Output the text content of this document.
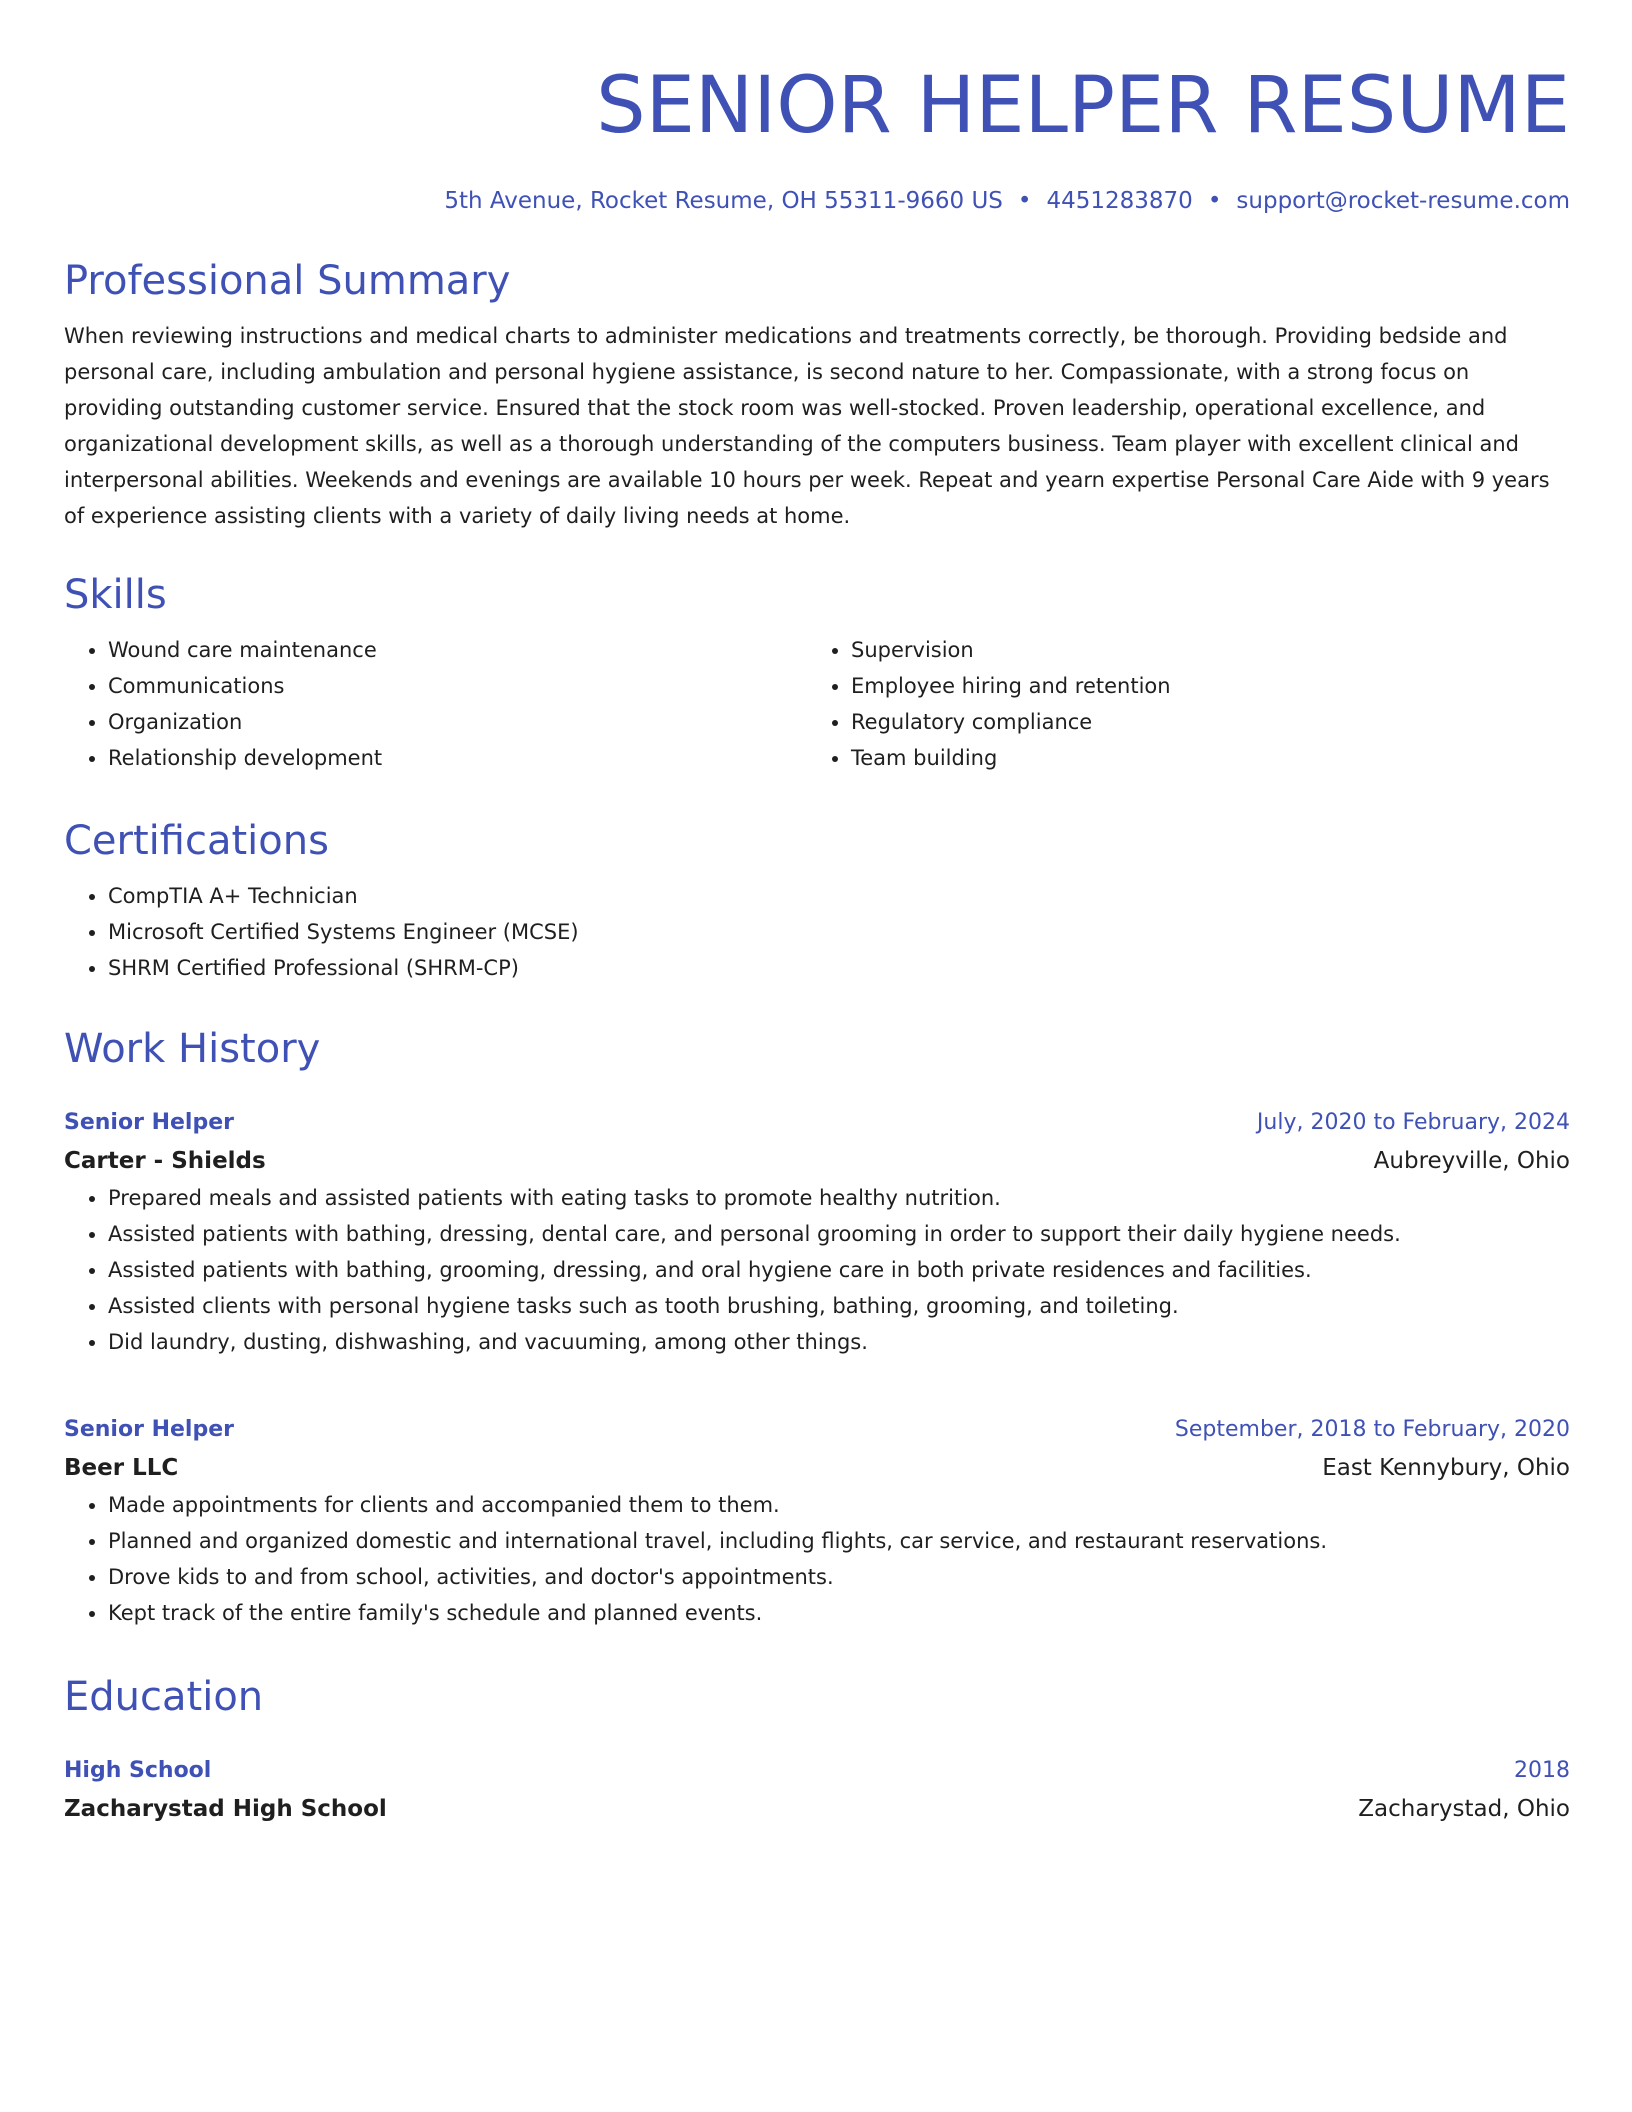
SENIOR HELPER RESUME
5th Avenue, Rocket Resume, OH 55311-9660 US • 4451283870 • support@rocket-resume.com
Professional Summary

When reviewing instructions and medical charts to administer medications and treatments correctly, be thorough. Providing bedside and personal care, including ambulation and personal hygiene assistance, is second nature to her. Compassionate, with a strong focus on providing outstanding customer service. Ensured that the stock room was well-stocked. Proven leadership, operational excellence, and organizational development skills, as well as a thorough understanding of the computers business. Team player with excellent clinical and interpersonal abilities. Weekends and evenings are available 10 hours per week. Repeat and yearn expertise Personal Care Aide with 9 years of experience assisting clients with a variety of daily living needs at home.

Skills
• Wound care maintenance
• Communications
• Organization
• Relationship development
• Supervision
• Employee hiring and retention
• Regulatory compliance
• Team building
Certifications
• CompTIA A+ Technician
• Microsoft Certified Systems Engineer (MCSE)
• SHRM Certified Professional (SHRM-CP)
Work History
Senior Helper	July, 2020 to February, 2024
Carter - Shields	Aubreyville, Ohio
• Prepared meals and assisted patients with eating tasks to promote healthy nutrition.
• Assisted patients with bathing, dressing, dental care, and personal grooming in order to support their daily hygiene needs.
• Assisted patients with bathing, grooming, dressing, and oral hygiene care in both private residences and facilities.
• Assisted clients with personal hygiene tasks such as tooth brushing, bathing, grooming, and toileting.
• Did laundry, dusting, dishwashing, and vacuuming, among other things.
Senior Helper	September, 2018 to February, 2020
Beer LLC	East Kennybury, Ohio
• Made appointments for clients and accompanied them to them.
• Planned and organized domestic and international travel, including flights, car service, and restaurant reservations.
• Drove kids to and from school, activities, and doctor's appointments.
• Kept track of the entire family's schedule and planned events.
Education
High School	2018
Zacharystad High School	Zacharystad, Ohio
